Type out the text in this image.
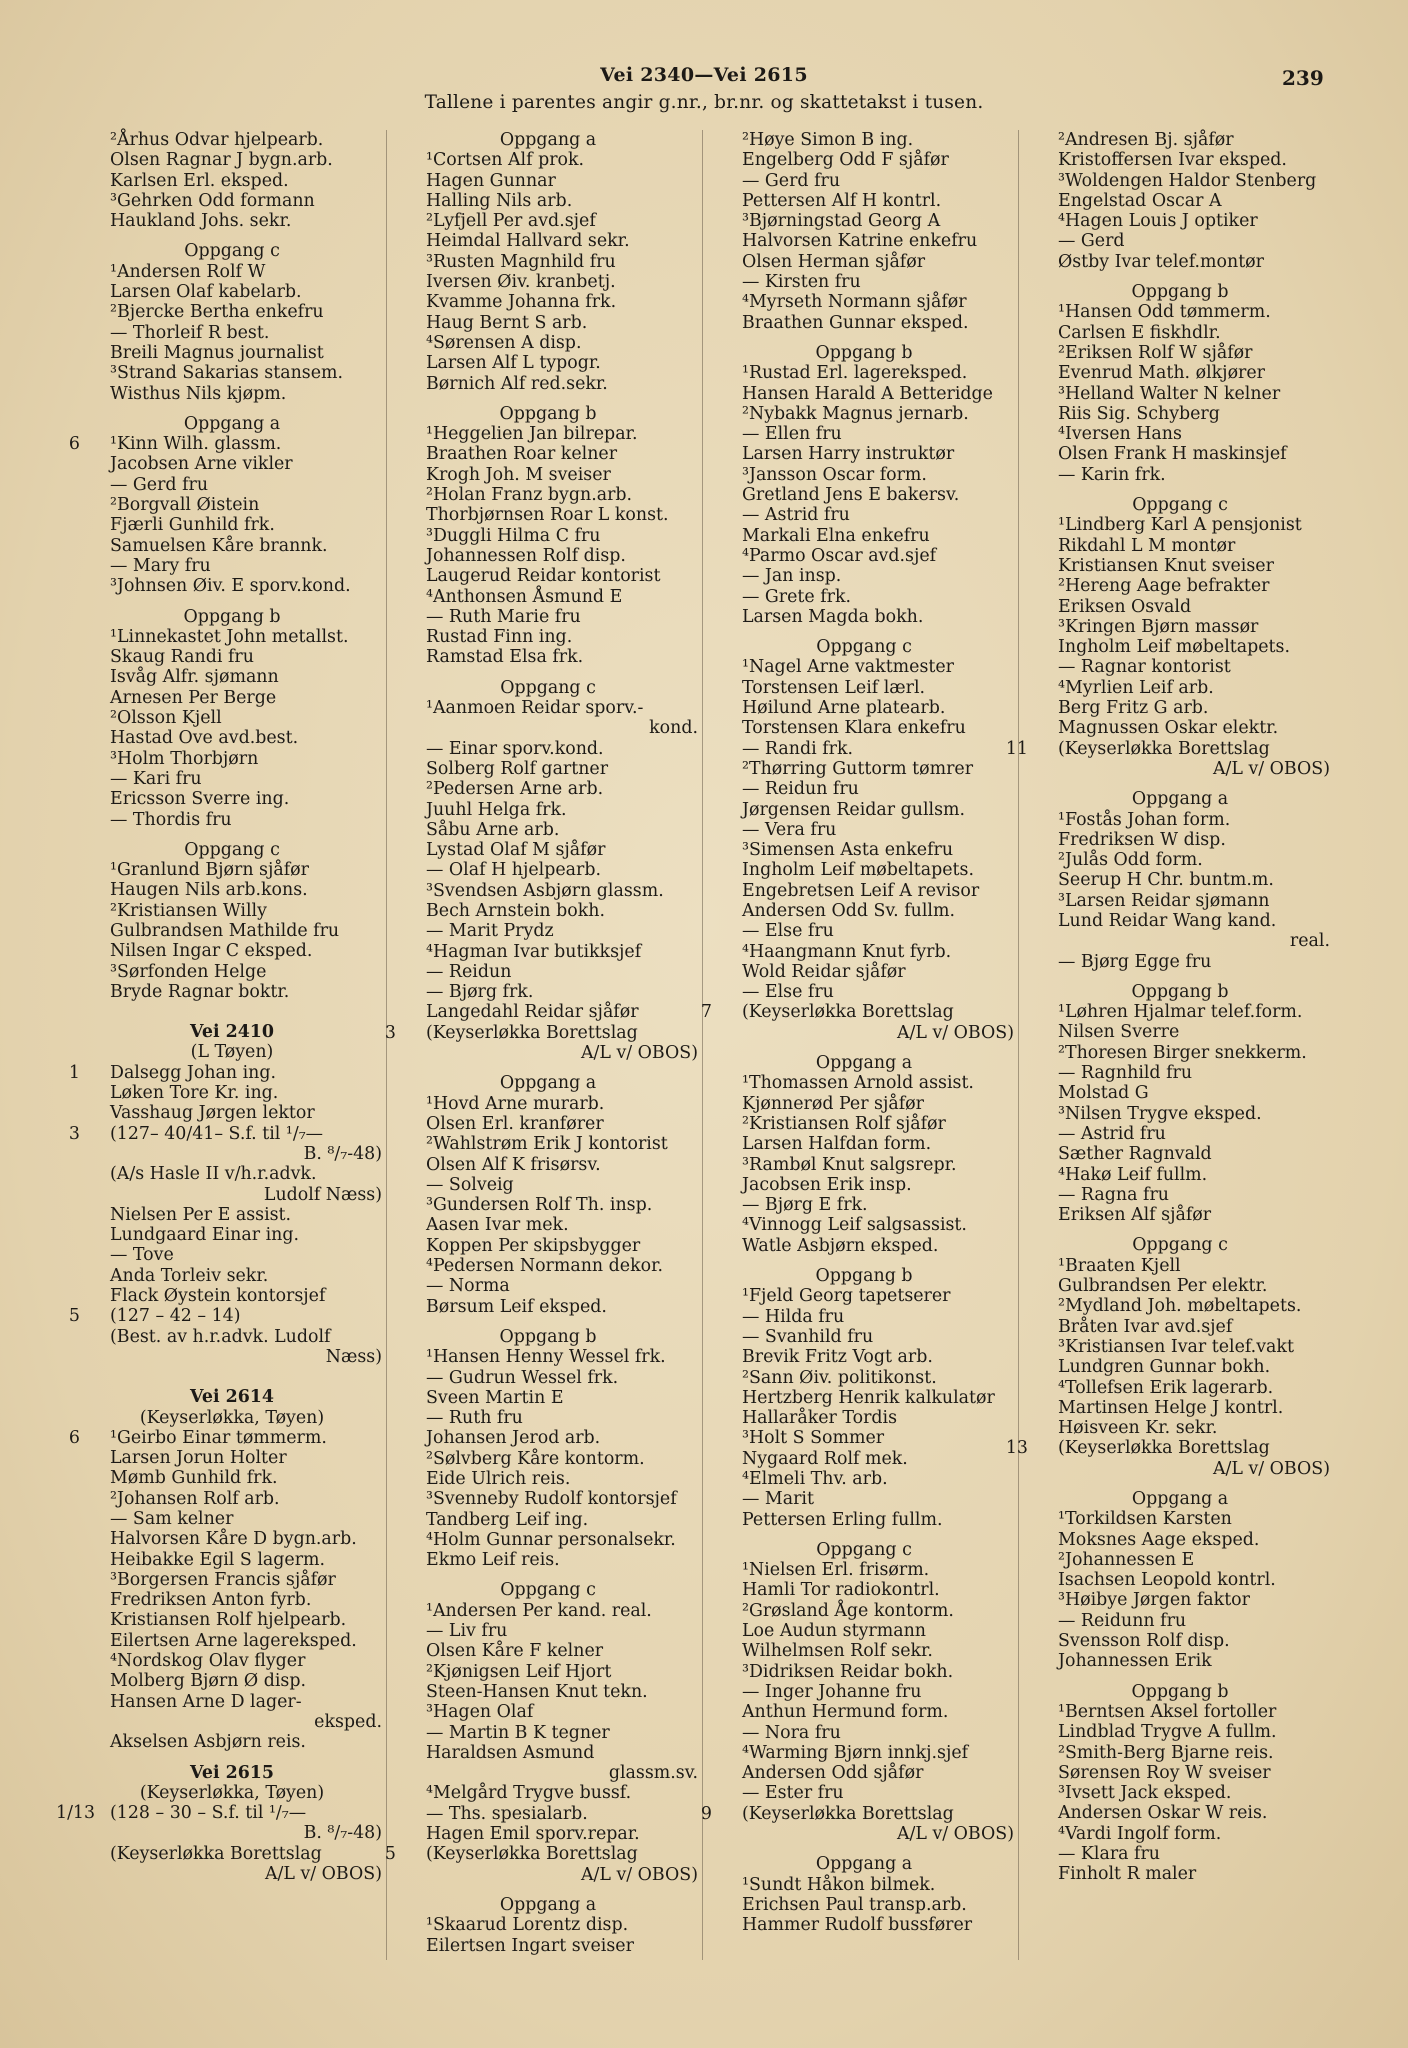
Vei 2340—Vei 2615
Tallene i parentes angir g.nr., br.nr. og skattetakst i tusen.
239
²Århus Odvar hjelpearb.
Olsen Ragnar J bygn.arb.
Karlsen Erl. eksped.
³Gehrken Odd formann
Haukland Johs. sekr.
Oppgang c
¹Andersen Rolf W
Larsen Olaf kabelarb.
²Bjercke Bertha enkefru
— Thorleif R best.
Breili Magnus journalist
³Strand Sakarias stansem.
Wisthus Nils kjøpm.
Oppgang a
6 ¹Kinn Wilh. glassm.
Jacobsen Arne vikler
— Gerd fru
²Borgvall Øistein
Fjærli Gunhild frk.
Samuelsen Kåre brannk.
— Mary fru
³Johnsen Øiv. E sporv.kond.
Oppgang b
¹Linnekastet John metallst.
Skaug Randi fru
Isvåg Alfr. sjømann
Arnesen Per Berge
²Olsson Kjell
Hastad Ove avd.best.
³Holm Thorbjørn
— Kari fru
Ericsson Sverre ing.
— Thordis fru
Oppgang c
¹Granlund Bjørn sjåfør
Haugen Nils arb.kons.
²Kristiansen Willy
Gulbrandsen Mathilde fru
Nilsen Ingar C eksped.
³Sørfonden Helge
Bryde Ragnar boktr.
Vei 2410
(L Tøyen)
1 Dalsegg Johan ing.
Løken Tore Kr. ing.
Vasshaug Jørgen lektor
3 (127– 40/41– S.f. til ¹/₇—
B. ⁸/₇-48)
(A/s Hasle II v/h.r.advk.
Ludolf Næss)
Nielsen Per E assist.
Lundgaard Einar ing.
— Tove
Anda Torleiv sekr.
Flack Øystein kontorsjef
5 (127 – 42 – 14)
(Best. av h.r.advk. Ludolf
Næss)
Vei 2614
(Keyserløkka, Tøyen)
6 ¹Geirbo Einar tømmerm.
Larsen Jorun Holter
Mømb Gunhild frk.
²Johansen Rolf arb.
— Sam kelner
Halvorsen Kåre D bygn.arb.
Heibakke Egil S lagerm.
³Borgersen Francis sjåfør
Fredriksen Anton fyrb.
Kristiansen Rolf hjelpearb.
Eilertsen Arne lagereksped.
⁴Nordskog Olav flyger
Molberg Bjørn Ø disp.
Hansen Arne D lager-
eksped.
Akselsen Asbjørn reis.
Vei 2615
(Keyserløkka, Tøyen)
1/13 (128 – 30 – S.f. til ¹/₇—
B. ⁸/₇-48)
(Keyserløkka Borettslag
A/L v/ OBOS)
Oppgang a
¹Cortsen Alf prok.
Hagen Gunnar
Halling Nils arb.
²Lyfjell Per avd.sjef
Heimdal Hallvard sekr.
³Rusten Magnhild fru
Iversen Øiv. kranbetj.
Kvamme Johanna frk.
Haug Bernt S arb.
⁴Sørensen A disp.
Larsen Alf L typogr.
Børnich Alf red.sekr.
Oppgang b
¹Heggelien Jan bilrepar.
Braathen Roar kelner
Krogh Joh. M sveiser
²Holan Franz bygn.arb.
Thorbjørnsen Roar L konst.
³Duggli Hilma C fru
Johannessen Rolf disp.
Laugerud Reidar kontorist
⁴Anthonsen Åsmund E
— Ruth Marie fru
Rustad Finn ing.
Ramstad Elsa frk.
Oppgang c
¹Aanmoen Reidar sporv.-
kond.
— Einar sporv.kond.
Solberg Rolf gartner
²Pedersen Arne arb.
Juuhl Helga frk.
Såbu Arne arb.
Lystad Olaf M sjåfør
— Olaf H hjelpearb.
³Svendsen Asbjørn glassm.
Bech Arnstein bokh.
— Marit Prydz
⁴Hagman Ivar butikksjef
— Reidun
— Bjørg frk.
Langedahl Reidar sjåfør
3 (Keyserløkka Borettslag
A/L v/ OBOS)
Oppgang a
¹Hovd Arne murarb.
Olsen Erl. kranfører
²Wahlstrøm Erik J kontorist
Olsen Alf K frisørsv.
— Solveig
³Gundersen Rolf Th. insp.
Aasen Ivar mek.
Koppen Per skipsbygger
⁴Pedersen Normann dekor.
— Norma
Børsum Leif eksped.
Oppgang b
¹Hansen Henny Wessel frk.
— Gudrun Wessel frk.
Sveen Martin E
— Ruth fru
Johansen Jerod arb.
²Sølvberg Kåre kontorm.
Eide Ulrich reis.
³Svenneby Rudolf kontorsjef
Tandberg Leif ing.
⁴Holm Gunnar personalsekr.
Ekmo Leif reis.
Oppgang c
¹Andersen Per kand. real.
— Liv fru
Olsen Kåre F kelner
²Kjønigsen Leif Hjort
Steen-Hansen Knut tekn.
³Hagen Olaf
— Martin B K tegner
Haraldsen Asmund
glassm.sv.
⁴Melgård Trygve bussf.
— Ths. spesialarb.
Hagen Emil sporv.repar.
5 (Keyserløkka Borettslag
A/L v/ OBOS)
Oppgang a
¹Skaarud Lorentz disp.
Eilertsen Ingart sveiser
²Høye Simon B ing.
Engelberg Odd F sjåfør
— Gerd fru
Pettersen Alf H kontrl.
³Bjørningstad Georg A
Halvorsen Katrine enkefru
Olsen Herman sjåfør
— Kirsten fru
⁴Myrseth Normann sjåfør
Braathen Gunnar eksped.
Oppgang b
¹Rustad Erl. lagereksped.
Hansen Harald A Betteridge
²Nybakk Magnus jernarb.
— Ellen fru
Larsen Harry instruktør
³Jansson Oscar form.
Gretland Jens E bakersv.
— Astrid fru
Markali Elna enkefru
⁴Parmo Oscar avd.sjef
— Jan insp.
— Grete frk.
Larsen Magda bokh.
Oppgang c
¹Nagel Arne vaktmester
Torstensen Leif lærl.
Høilund Arne platearb.
Torstensen Klara enkefru
— Randi frk.
²Thørring Guttorm tømrer
— Reidun fru
Jørgensen Reidar gullsm.
— Vera fru
³Simensen Asta enkefru
Ingholm Leif møbeltapets.
Engebretsen Leif A revisor
Andersen Odd Sv. fullm.
— Else fru
⁴Haangmann Knut fyrb.
Wold Reidar sjåfør
— Else fru
7 (Keyserløkka Borettslag
A/L v/ OBOS)
Oppgang a
¹Thomassen Arnold assist.
Kjønnerød Per sjåfør
²Kristiansen Rolf sjåfør
Larsen Halfdan form.
³Rambøl Knut salgsrepr.
Jacobsen Erik insp.
— Bjørg E frk.
⁴Vinnogg Leif salgsassist.
Watle Asbjørn eksped.
Oppgang b
¹Fjeld Georg tapetserer
— Hilda fru
— Svanhild fru
Brevik Fritz Vogt arb.
²Sann Øiv. politikonst.
Hertzberg Henrik kalkulatør
Hallaråker Tordis
³Holt S Sommer
Nygaard Rolf mek.
⁴Elmeli Thv. arb.
— Marit
Pettersen Erling fullm.
Oppgang c
¹Nielsen Erl. frisørm.
Hamli Tor radiokontrl.
²Grøsland Åge kontorm.
Loe Audun styrmann
Wilhelmsen Rolf sekr.
³Didriksen Reidar bokh.
— Inger Johanne fru
Anthun Hermund form.
— Nora fru
⁴Warming Bjørn innkj.sjef
Andersen Odd sjåfør
— Ester fru
9 (Keyserløkka Borettslag
A/L v/ OBOS)
Oppgang a
¹Sundt Håkon bilmek.
Erichsen Paul transp.arb.
Hammer Rudolf bussfører
²Andresen Bj. sjåfør
Kristoffersen Ivar eksped.
³Woldengen Haldor Stenberg
Engelstad Oscar A
⁴Hagen Louis J optiker
— Gerd
Østby Ivar telef.montør
Oppgang b
¹Hansen Odd tømmerm.
Carlsen E fiskhdlr.
²Eriksen Rolf W sjåfør
Evenrud Math. ølkjører
³Helland Walter N kelner
Riis Sig. Schyberg
⁴Iversen Hans
Olsen Frank H maskinsjef
— Karin frk.
Oppgang c
¹Lindberg Karl A pensjonist
Rikdahl L M montør
Kristiansen Knut sveiser
²Hereng Aage befrakter
Eriksen Osvald
³Kringen Bjørn massør
Ingholm Leif møbeltapets.
— Ragnar kontorist
⁴Myrlien Leif arb.
Berg Fritz G arb.
Magnussen Oskar elektr.
11 (Keyserløkka Borettslag
A/L v/ OBOS)
Oppgang a
¹Fostås Johan form.
Fredriksen W disp.
²Julås Odd form.
Seerup H Chr. buntm.m.
³Larsen Reidar sjømann
Lund Reidar Wang kand.
real.
— Bjørg Egge fru
Oppgang b
¹Løhren Hjalmar telef.form.
Nilsen Sverre
²Thoresen Birger snekkerm.
— Ragnhild fru
Molstad G
³Nilsen Trygve eksped.
— Astrid fru
Sæther Ragnvald
⁴Hakø Leif fullm.
— Ragna fru
Eriksen Alf sjåfør
Oppgang c
¹Braaten Kjell
Gulbrandsen Per elektr.
²Mydland Joh. møbeltapets.
Bråten Ivar avd.sjef
³Kristiansen Ivar telef.vakt
Lundgren Gunnar bokh.
⁴Tollefsen Erik lagerarb.
Martinsen Helge J kontrl.
Høisveen Kr. sekr.
13 (Keyserløkka Borettslag
A/L v/ OBOS)
Oppgang a
¹Torkildsen Karsten
Moksnes Aage eksped.
²Johannessen E
Isachsen Leopold kontrl.
³Høibye Jørgen faktor
— Reidunn fru
Svensson Rolf disp.
Johannessen Erik
Oppgang b
¹Berntsen Aksel fortoller
Lindblad Trygve A fullm.
²Smith-Berg Bjarne reis.
Sørensen Roy W sveiser
³Ivsett Jack eksped.
Andersen Oskar W reis.
⁴Vardi Ingolf form.
— Klara fru
Finholt R maler
